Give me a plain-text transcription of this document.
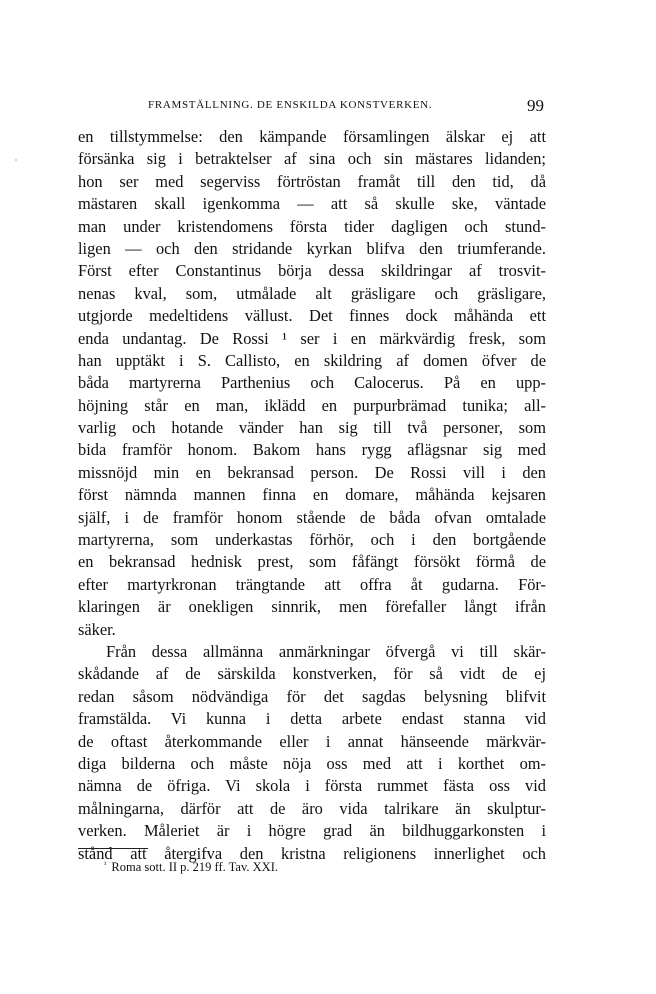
FRAMSTÄLLNING. DE ENSKILDA KONSTVERKEN.	99
en tillstymmelse: den kämpande församlingen älskar ej att
försänka sig i betraktelser af sina och sin mästares lidanden;
hon ser med segerviss förtröstan framåt till den tid, då
mästaren skall igenkomma — att så skulle ske, väntade
man under kristendomens första tider dagligen och stund-
ligen — och den stridande kyrkan blifva den triumferande.
Först efter Constantinus börja dessa skildringar af trosvit-
nenas kval, som, utmålade alt gräsligare och gräsligare,
utgjorde medeltidens vällust. Det finnes dock måhända ett
enda undantag. De Rossi ¹ ser i en märkvärdig fresk, som
han upptäkt i S. Callisto, en skildring af domen öfver de
båda martyrerna Parthenius och Calocerus. På en upp-
höjning står en man, iklädd en purpurbrämad tunika; all-
varlig och hotande vänder han sig till två personer, som
bida framför honom. Bakom hans rygg aflägsnar sig med
missnöjd min en bekransad person. De Rossi vill i den
först nämnda mannen finna en domare, måhända kejsaren
själf, i de framför honom stående de båda ofvan omtalade
martyrerna, som underkastas förhör, och i den bortgående
en bekransad hednisk prest, som fåfängt försökt förmå de
efter martyrkronan trängtande att offra åt gudarna. För-
klaringen är onekligen sinnrik, men förefaller långt ifrån
säker.
Från dessa allmänna anmärkningar öfvergå vi till skär-
skådande af de särskilda konstverken, för så vidt de ej
redan såsom nödvändiga för det sagdas belysning blifvit
framstälda. Vi kunna i detta arbete endast stanna vid
de oftast återkommande eller i annat hänseende märkvär-
diga bilderna och måste nöja oss med att i korthet om-
nämna de öfriga. Vi skola i första rummet fästa oss vid
målningarna, därför att de äro vida talrikare än skulptur-
verken. Måleriet är i högre grad än bildhuggarkonsten i
stånd att återgifva den kristna religionens innerlighet och
$^{^1}$ Roma sott. II p. 219 ff. Tav. XXI.
